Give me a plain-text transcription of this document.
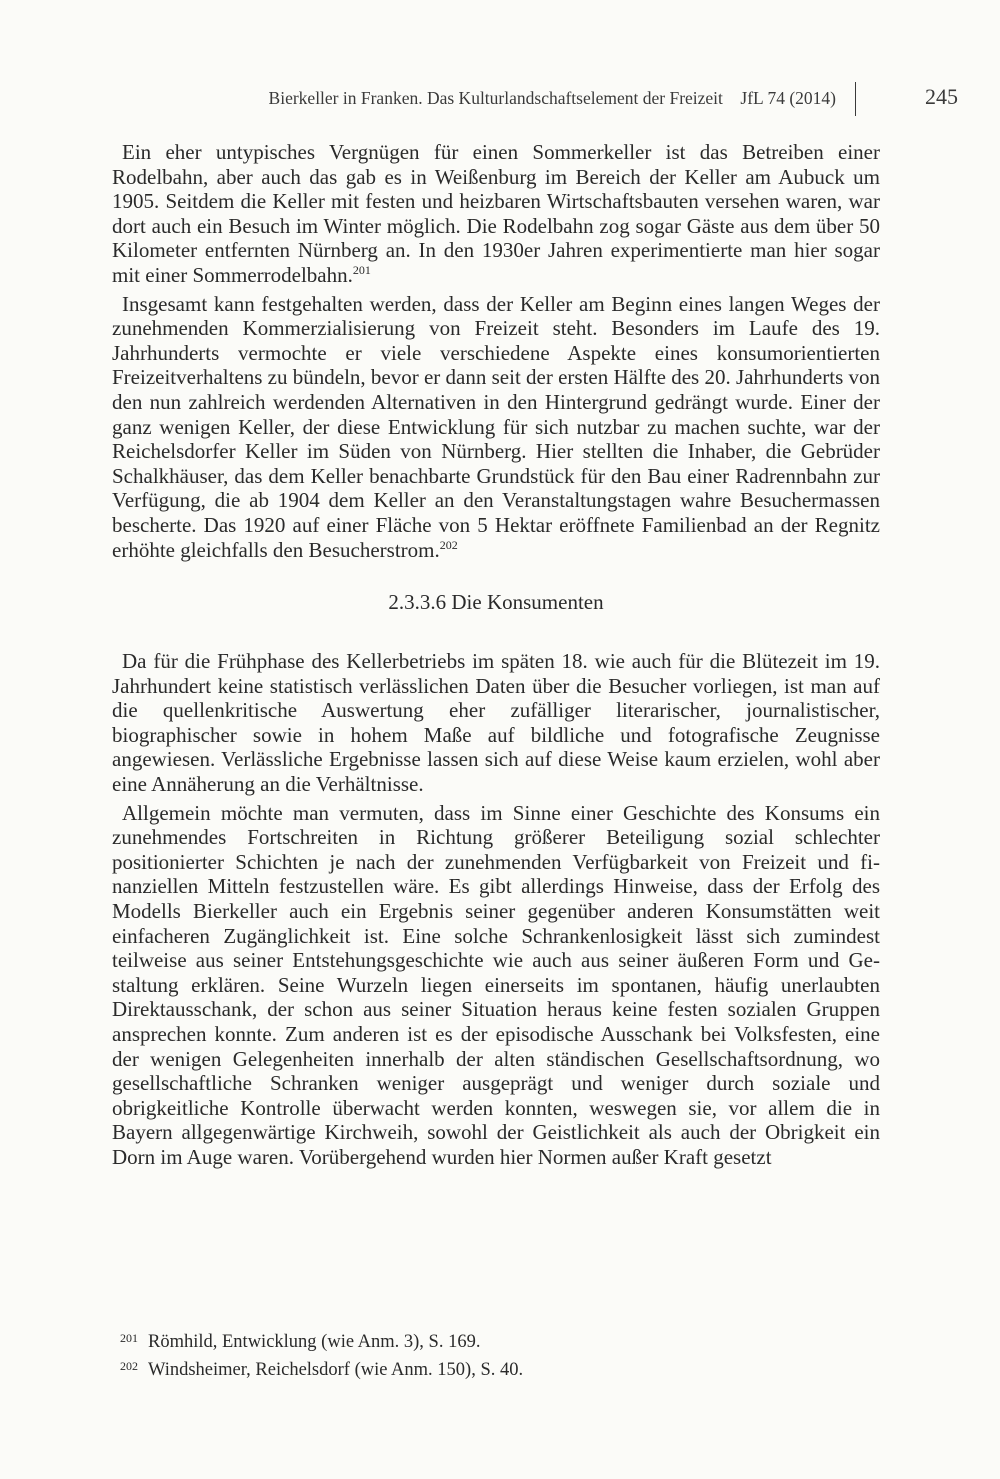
Bierkeller in Franken. Das Kulturlandschaftselement der Freizeit JfL 74 (2014)	245

Ein eher untypisches Vergnügen für einen Sommerkeller ist das Betreiben einer Rodelbahn, aber auch das gab es in Weißenburg im Bereich der Keller am Aubuck um 1905. Seitdem die Keller mit festen und heizbaren Wirtschaftsbauten versehen waren, war dort auch ein Besuch im Winter möglich. Die Rodelbahn zog sogar Gäste aus dem über 50 Kilometer entfernten Nürnberg an. In den 1930er Jahren experimentierte man hier sogar mit einer Sommerrodelbahn.$^{201}$

Insgesamt kann festgehalten werden, dass der Keller am Beginn eines langen Weges der zunehmenden Kommerzialisierung von Freizeit steht. Besonders im Laufe des 19. Jahrhunderts vermochte er viele verschiedene Aspekte eines konsumorientierten Freizeitverhaltens zu bündeln, bevor er dann seit der ersten Hälfte des 20. Jahrhunderts von den nun zahlreich werdenden Alternativen in den Hintergrund gedrängt wurde. Einer der ganz wenigen Keller, der diese Entwicklung für sich nutzbar zu machen suchte, war der Reichelsdorfer Keller im Süden von Nürnberg. Hier stellten die Inhaber, die Gebrüder Schalkhäuser, das dem Keller benachbarte Grundstück für den Bau einer Radrennbahn zur Verfügung, die ab 1904 dem Keller an den Veranstaltungstagen wahre Besuchermassen bescherte. Das 1920 auf einer Fläche von 5 Hektar eröffnete Familienbad an der Regnitz erhöhte gleichfalls den Besucherstrom.$^{202}$

2.3.3.6 Die Konsumenten

Da für die Frühphase des Kellerbetriebs im späten 18. wie auch für die Blütezeit im 19. Jahrhundert keine statistisch verlässlichen Daten über die Besucher vorliegen, ist man auf die quellenkritische Auswertung eher zufälliger literarischer, journalistischer, biographischer sowie in hohem Maße auf bildliche und fotografische Zeugnisse angewiesen. Verlässliche Ergebnisse lassen sich auf diese Weise kaum erzielen, wohl aber eine Annäherung an die Verhältnisse.

Allgemein möchte man vermuten, dass im Sinne einer Geschichte des Konsums ein zunehmendes Fortschreiten in Richtung größerer Beteiligung sozial schlechter positionierter Schichten je nach der zunehmenden Verfügbarkeit von Freizeit und finanziellen Mitteln festzustellen wäre. Es gibt allerdings Hinweise, dass der Erfolg des Modells Bierkeller auch ein Ergebnis seiner gegenüber anderen Konsumstätten weit einfacheren Zugänglichkeit ist. Eine solche Schrankenlosigkeit lässt sich zumindest teilweise aus seiner Entstehungsgeschichte wie auch aus seiner äußeren Form und Gestaltung erklären. Seine Wurzeln liegen einerseits im spontanen, häufig unerlaubten Direktausschank, der schon aus seiner Situation heraus keine festen sozialen Gruppen ansprechen konnte. Zum anderen ist es der episodische Ausschank bei Volksfesten, eine der wenigen Gelegenheiten innerhalb der alten ständischen Gesellschaftsordnung, wo gesellschaftliche Schranken weniger ausgeprägt und weniger durch soziale und obrigkeitliche Kontrolle überwacht werden konnten, weswegen sie, vor allem die in Bayern allgegenwärtige Kirchweih, sowohl der Geistlichkeit als auch der Obrigkeit ein Dorn im Auge waren. Vorübergehend wurden hier Normen außer Kraft gesetzt

201 Römhild, Entwicklung (wie Anm. 3), S. 169.
202 Windsheimer, Reichelsdorf (wie Anm. 150), S. 40.
